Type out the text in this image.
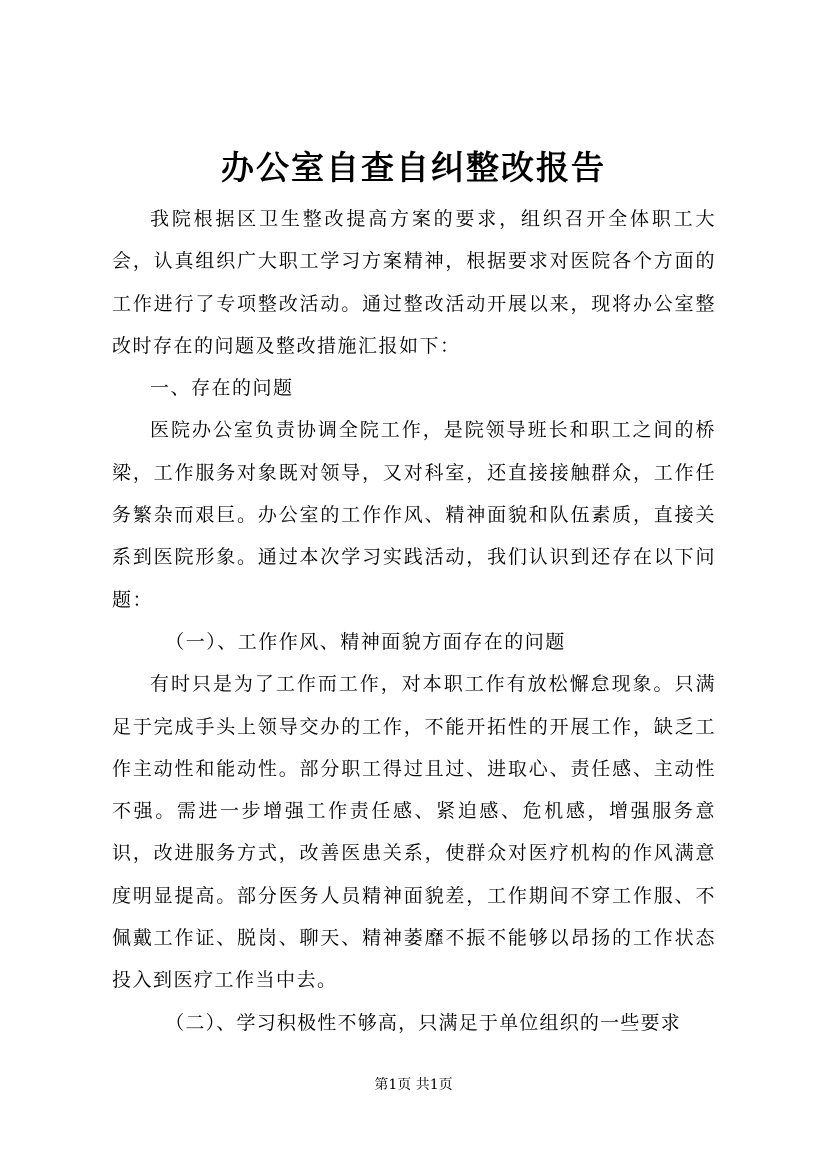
办公室自查自纠整改报告

我院根据区卫生整改提高方案的要求，组织召开全体职工大会，认真组织广大职工学习方案精神，根据要求对医院各个方面的工作进行了专项整改活动。通过整改活动开展以来，现将办公室整改时存在的问题及整改措施汇报如下：

一、存在的问题

医院办公室负责协调全院工作，是院领导班长和职工之间的桥梁，工作服务对象既对领导，又对科室，还直接接触群众，工作任务繁杂而艰巨。办公室的工作作风、精神面貌和队伍素质，直接关系到医院形象。通过本次学习实践活动，我们认识到还存在以下问题：

（一）、工作作风、精神面貌方面存在的问题

有时只是为了工作而工作，对本职工作有放松懈怠现象。只满足于完成手头上领导交办的工作，不能开拓性的开展工作，缺乏工作主动性和能动性。部分职工得过且过、进取心、责任感、主动性不强。需进一步增强工作责任感、紧迫感、危机感，增强服务意识，改进服务方式，改善医患关系，使群众对医疗机构的作风满意度明显提高。部分医务人员精神面貌差，工作期间不穿工作服、不佩戴工作证、脱岗、聊天、精神萎靡不振不能够以昂扬的工作状态投入到医疗工作当中去。

（二）、学习积极性不够高，只满足于单位组织的一些要求

第1页 共1页
